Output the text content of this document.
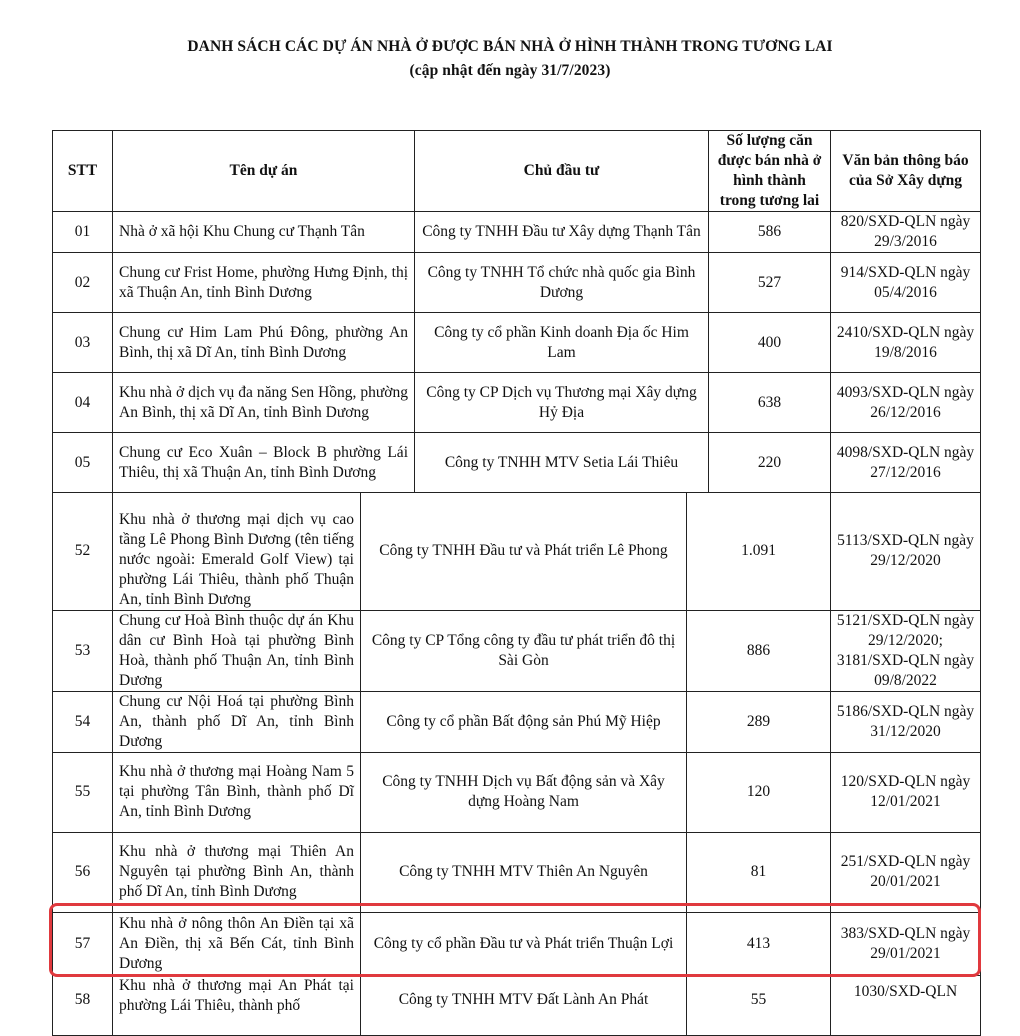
DANH SÁCH CÁC DỰ ÁN NHÀ Ở ĐƯỢC BÁN NHÀ Ở HÌNH THÀNH TRONG TƯƠNG LAI
(cập nhật đến ngày 31/7/2023)
STT	Tên dự án	Chủ đầu tư	Số lượng căn được bán nhà ở hình thành trong tương lai	Văn bản thông báo của Sở Xây dựng
01	Nhà ở xã hội Khu Chung cư Thạnh Tân	Công ty TNHH Đầu tư Xây dựng Thạnh Tân	586	820/SXD-QLN ngày 29/3/2016
02	Chung cư Frist Home, phường Hưng Định, thị xã Thuận An, tỉnh Bình Dương	Công ty TNHH Tổ chức nhà quốc gia Bình Dương	527	914/SXD-QLN ngày 05/4/2016
03	Chung cư Him Lam Phú Đông, phường An Bình, thị xã Dĩ An, tỉnh Bình Dương	Công ty cổ phần Kinh doanh Địa ốc Him Lam	400	2410/SXD-QLN ngày 19/8/2016
04	Khu nhà ở dịch vụ đa năng Sen Hồng, phường An Bình, thị xã Dĩ An, tỉnh Bình Dương	Công ty CP Dịch vụ Thương mại Xây dựng Hỷ Địa	638	4093/SXD-QLN ngày 26/12/2016
05	Chung cư Eco Xuân – Block B phường Lái Thiêu, thị xã Thuận An, tỉnh Bình Dương	Công ty TNHH MTV Setia Lái Thiêu	220	4098/SXD-QLN ngày 27/12/2016
52	Khu nhà ở thương mại dịch vụ cao tầng Lê Phong Bình Dương (tên tiếng nước ngoài: Emerald Golf View) tại phường Lái Thiêu, thành phố Thuận An, tỉnh Bình Dương	Công ty TNHH Đầu tư và Phát triển Lê Phong	1.091	5113/SXD-QLN ngày 29/12/2020
53	Chung cư Hoà Bình thuộc dự án Khu dân cư Bình Hoà tại phường Bình Hoà, thành phố Thuận An, tỉnh Bình Dương	Công ty CP Tổng công ty đầu tư phát triển đô thị Sài Gòn	886	5121/SXD-QLN ngày 29/12/2020; 3181/SXD-QLN ngày 09/8/2022
54	Chung cư Nội Hoá tại phường Bình An, thành phố Dĩ An, tỉnh Bình Dương	Công ty cổ phần Bất động sản Phú Mỹ Hiệp	289	5186/SXD-QLN ngày 31/12/2020
55	Khu nhà ở thương mại Hoàng Nam 5 tại phường Tân Bình, thành phố Dĩ An, tỉnh Bình Dương	Công ty TNHH Dịch vụ Bất động sản và Xây dựng Hoàng Nam	120	120/SXD-QLN ngày 12/01/2021
56	Khu nhà ở thương mại Thiên An Nguyên tại phường Bình An, thành phố Dĩ An, tỉnh Bình Dương	Công ty TNHH MTV Thiên An Nguyên	81	251/SXD-QLN ngày 20/01/2021
57	Khu nhà ở nông thôn An Điền tại xã An Điền, thị xã Bến Cát, tỉnh Bình Dương	Công ty cổ phần Đầu tư và Phát triển Thuận Lợi	413	383/SXD-QLN ngày 29/01/2021
58	Khu nhà ở thương mại An Phát tại phường Lái Thiêu, thành phố	Công ty TNHH MTV Đất Lành An Phát	55	1030/SXD-QLN
